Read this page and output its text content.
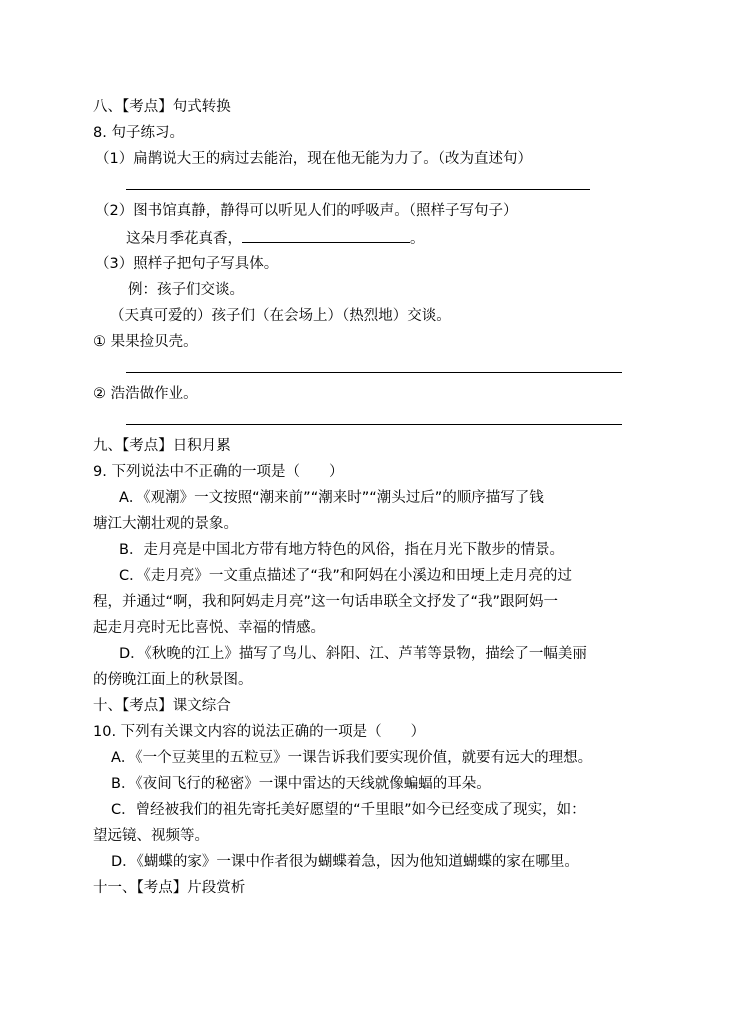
八、【考点】句式转换
8. 句子练习。
（1）扁鹊说大王的病过去能治，现在他无能为力了。（改为直述句）
（2）图书馆真静，静得可以听见人们的呼吸声。（照样子写句子）
这朵月季花真香，	。
（3）照样子把句子写具体。
例：孩子们交谈。
（天真可爱的）孩子们（在会场上）（热烈地）交谈。
① 果果捡贝壳。
② 浩浩做作业。
九、【考点】日积月累
9. 下列说法中不正确的一项是（　　）
A．《观潮》一文按照“潮来前”“潮来时”“潮头过后”的顺序描写了钱
塘江大潮壮观的景象。
B．走月亮是中国北方带有地方特色的风俗，指在月光下散步的情景。
C．《走月亮》一文重点描述了“我”和阿妈在小溪边和田埂上走月亮的过
程，并通过“啊，我和阿妈走月亮”这一句话串联全文抒发了“我”跟阿妈一
起走月亮时无比喜悦、幸福的情感。
D．《秋晚的江上》描写了鸟儿、斜阳、江、芦苇等景物，描绘了一幅美丽
的傍晚江面上的秋景图。
十、【考点】课文综合
10. 下列有关课文内容的说法正确的一项是（　　）
A．《一个豆荚里的五粒豆》一课告诉我们要实现价值，就要有远大的理想。
B．《夜间飞行的秘密》一课中雷达的天线就像蝙蝠的耳朵。
C．曾经被我们的祖先寄托美好愿望的“千里眼”如今已经变成了现实，如：
望远镜、视频等。
D．《蝴蝶的家》一课中作者很为蝴蝶着急，因为他知道蝴蝶的家在哪里。
十一、【考点】片段赏析
